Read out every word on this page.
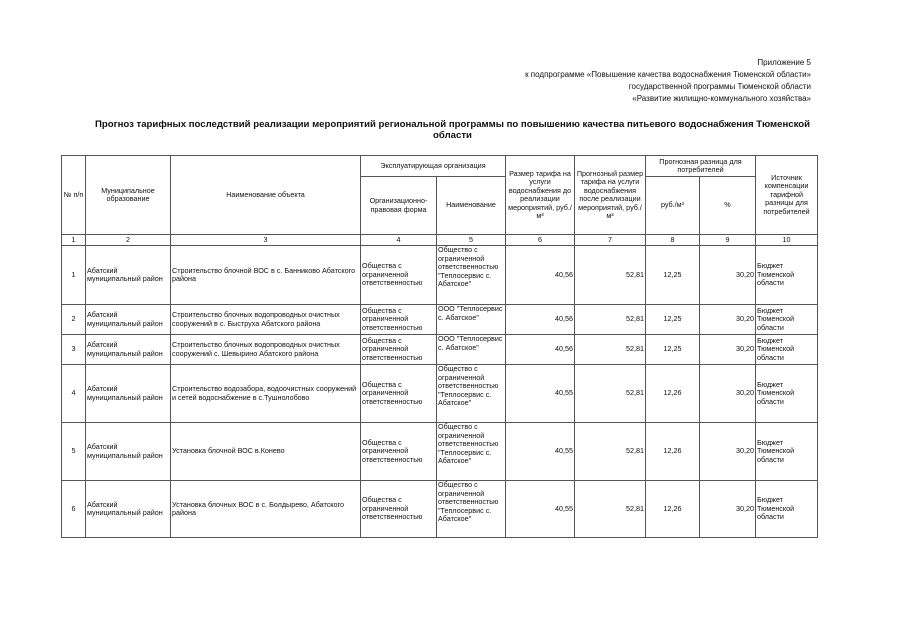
Приложение 5
к подпрограмме «Повышение качества водоснабжения Тюменской области»
государственной программы Тюменской области
«Развитие жилищно-коммунального хозяйства»
Прогноз тарифных последствий реализации мероприятий региональной программы по повышению качества питьевого водоснабжения Тюменской области
№ п/п	Муниципальное образование	Наименование объекта	Эксплуатирующая организация		Размер тарифа на услуги водоснабжения до реализации мероприятий, руб./м³	Прогнозный размер тарифа на услуги водоснабжения после реализации мероприятий, руб./м³	Прогнозная разница для потребителей		Источник компенсации тарифной разницы для потребителей
			Организационно-правовая форма	Наименование			руб./м³	%	
1	2	3	4	5	6	7	8	9	10
1	Абатский муниципальный район	Строительство блочной ВОС в с. Банниково Абатского района	Общества с ограниченной ответственностью	Общество с ограниченной ответственностью "Теплосервис с. Абатское"	40,56	52,81	12,25	30,20	Бюджет Тюменской области
2	Абатский муниципальный район	Строительство блочных водопроводных очистных сооружений в с. Быструха Абатского района	Общества с ограниченной ответственностью	ООО "Теплосервис с. Абатское"	40,56	52,81	12,25	30,20	Бюджет Тюменской области
3	Абатский муниципальный район	Строительство блочных водопроводных очистных сооружений с. Шевырино Абатского района	Общества с ограниченной ответственностью	ООО "Теплосервис с. Абатское"	40,56	52,81	12,25	30,20	Бюджет Тюменской области
4	Абатский муниципальный район	Строительство водозабора, водоочистных сооружений и сетей водоснабжение в с.Тушнолобово	Общества с ограниченной ответственностью	Общество с ограниченной ответственностью "Теплосервис с. Абатское"	40,55	52,81	12,26	30,20	Бюджет Тюменской области
5	Абатский муниципальный район	Установка блочной ВОС в.Конево	Общества с ограниченной ответственностью	Общество с ограниченной ответственностью "Теплосервис с. Абатское"	40,55	52,81	12,26	30,20	Бюджет Тюменской области
6	Абатский муниципальный район	Установка блочных ВОС в с. Болдырево, Абатского района	Общества с ограниченной ответственностью	Общество с ограниченной ответственностью "Теплосервис с. Абатское"	40,55	52,81	12,26	30,20	Бюджет Тюменской области
